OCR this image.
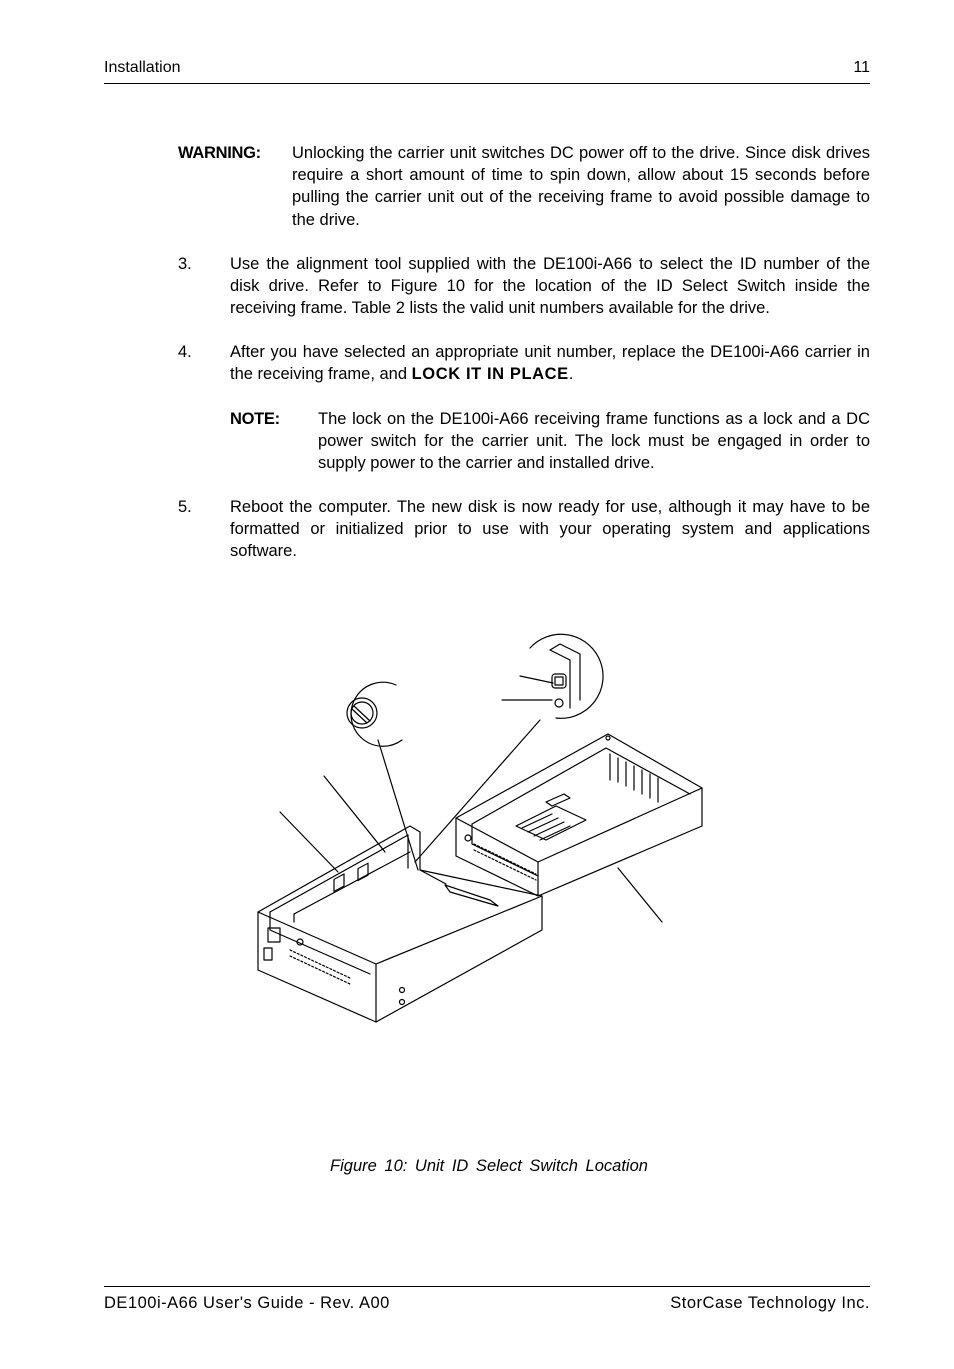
Installation	11
WARNING: Unlocking the carrier unit switches DC power off to the drive. Since disk drives require a short amount of time to spin down, allow about 15 seconds before pulling the carrier unit out of the receiving frame to avoid possible damage to the drive.
3. Use the alignment tool supplied with the DE100i-A66 to select the ID number of the disk drive. Refer to Figure 10 for the location of the ID Select Switch inside the receiving frame. Table 2 lists the valid unit numbers available for the drive.
4. After you have selected an appropriate unit number, replace the DE100i-A66 carrier in the receiving frame, and LOCK IT IN PLACE.
NOTE: The lock on the DE100i-A66 receiving frame functions as a lock and a DC power switch for the carrier unit. The lock must be engaged in order to supply power to the carrier and installed drive.
5. Reboot the computer. The new disk is now ready for use, although it may have to be formatted or initialized prior to use with your operating system and applications software.
Figure 10: Unit ID Select Switch Location
DE100i-A66 User's Guide - Rev. A00	StorCase Technology Inc.
